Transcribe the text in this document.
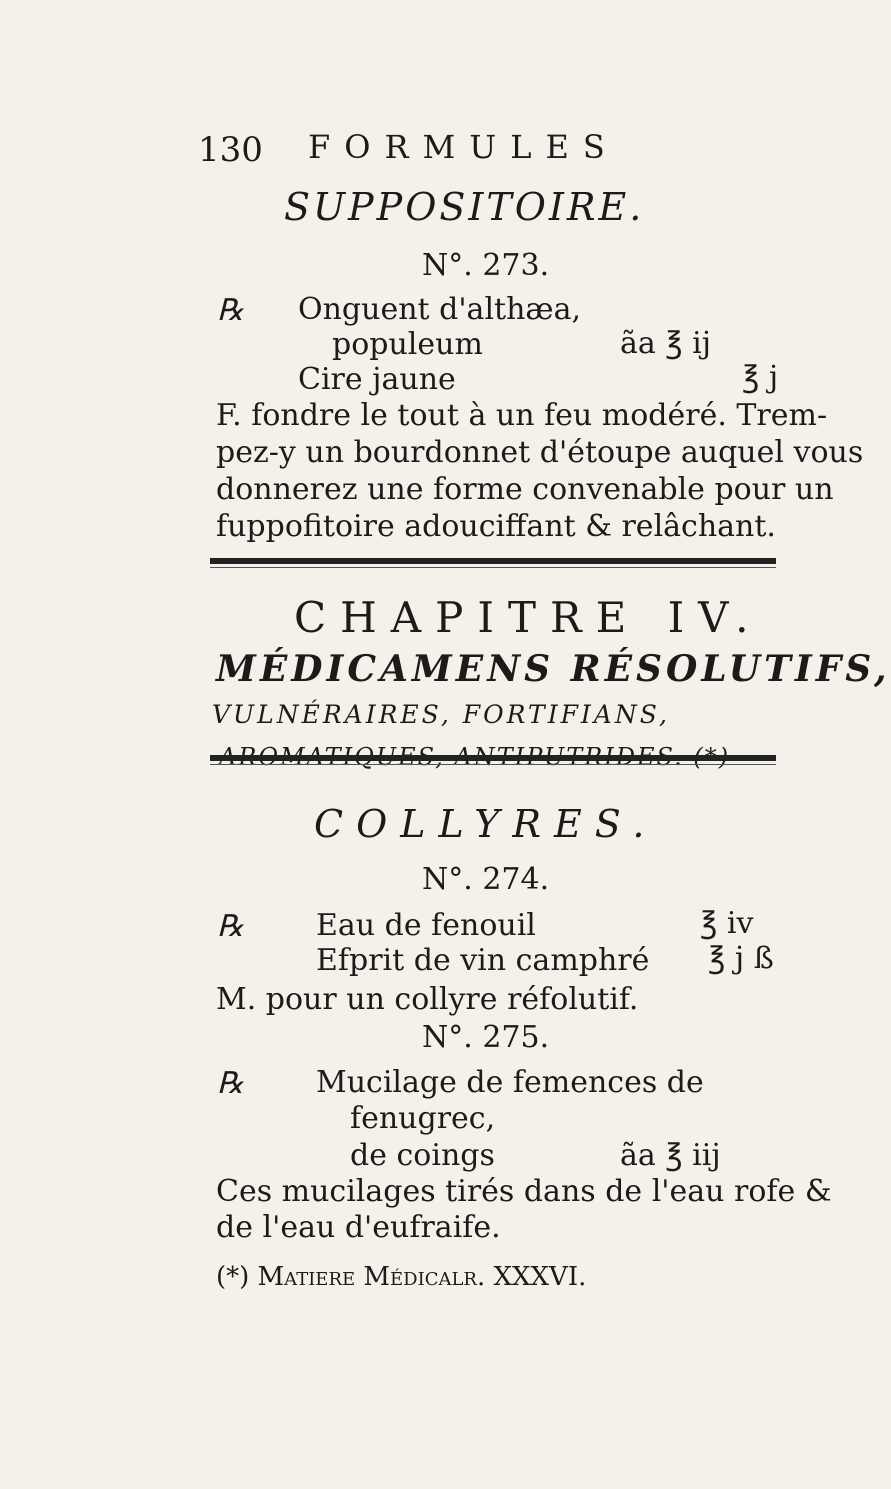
130 FORMULES
SUPPOSITOIRE.
N°. 273.
℞ Onguent d'althæa,
populeum	ãa ℥ ij
Cire jaune	℥ j
F. fondre le tout à un feu modéré. Trem-
pez-y un bourdonnet d'étoupe auquel vous
donnerez une forme convenable pour un
fuppofitoire adouciffant & relâchant.
CHAPITRE IV.
MÉDICAMENS RÉSOLUTIFS,
VULNÉRAIRES, FORTIFIANS,
COLLYRES.
N°. 274.
℞ Eau de fenouil	℥ iv
Efprit de vin camphré ℥ j ß
M. pour un collyre réfolutif.
N°. 275.
℞ Mucilage de femences de
fenugrec,
de coings	ãa ℥ iij
Ces mucilages tirés dans de l'eau rofe &
de l'eau d'eufraife.
(*) Matiere Médicalr. XXXVI.
